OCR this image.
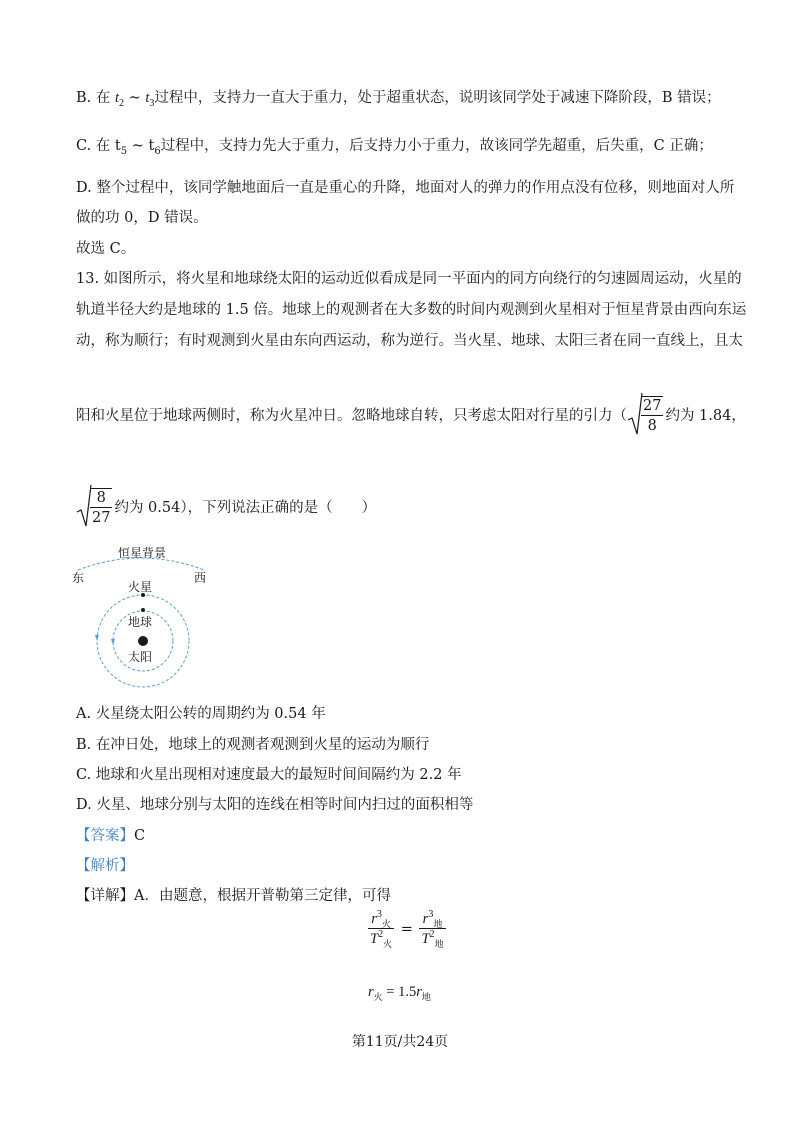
B. 在 $t_2$ ~ $t_3$过程中，支持力一直大于重力，处于超重状态，说明该同学处于减速下降阶段，B 错误；
C. 在 $t_5$ ~ $t_6$过程中，支持力先大于重力，后支持力小于重力，故该同学先超重，后失重，C 正确；
D. 整个过程中，该同学触地面后一直是重心的升降，地面对人的弹力的作用点没有位移，则地面对人所
做的功 0，D 错误。
故选 C。
13. 如图所示，将火星和地球绕太阳的运动近似看成是同一平面内的同方向绕行的匀速圆周运动，火星的
轨道半径大约是地球的 1.5 倍。地球上的观测者在大多数的时间内观测到火星相对于恒星背景由西向东运
动，称为顺行；有时观测到火星由东向西运动，称为逆行。当火星、地球、太阳三者在同一直线上，且太
阳和火星位于地球两侧时，称为火星冲日。忽略地球自转，只考虑太阳对行星的引力（ $\frac{27}{8}$ 约为 1.84，
$\frac{8}{27}$ 约为 0.54），下列说法正确的是（　　）
恒星背景
东	西
火星
地球
太阳
A. 火星绕太阳公转的周期约为 0.54 年
B. 在冲日处，地球上的观测者观测到火星的运动为顺行
C. 地球和火星出现相对速度最大的最短时间间隔约为 2.2 年
D. 火星、地球分别与太阳的连线在相等时间内扫过的面积相等
【答案】C
【解析】
【详解】A．由题意，根据开普勒第三定律，可得
$\frac{r^3_火}{T^2_火} = \frac{r^3_地}{T^2_地}$
$r_火 = 1.5r_地$
第11页/共24页
